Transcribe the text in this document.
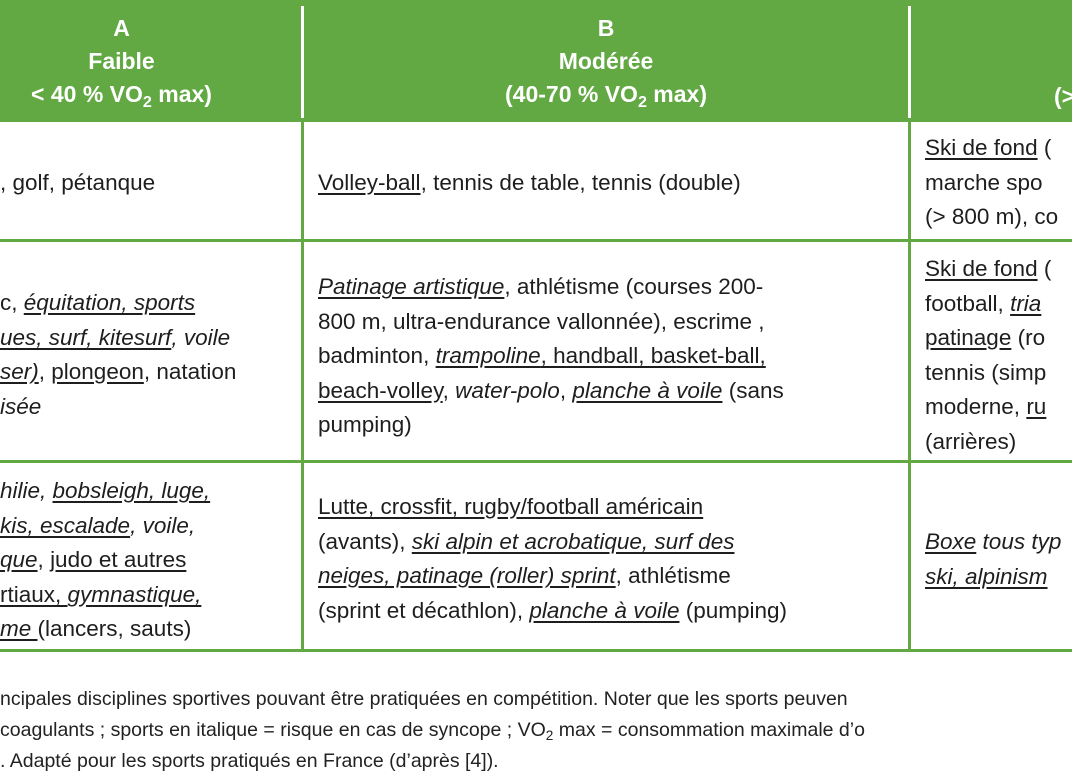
A
Faible
< 40 % $VO_2$ max)
B
Modérée
(40-70 % $VO_2$ max)	(>
, golf, pétanque	Volley-ball, tennis de table, tennis (double)
Ski de fond (
marche spo
(> 800 m), co
c, équitation, sports
ues, surf, kitesurf, voile
ser), plongeon, natation
isée
Patinage artistique, athlétisme (courses 200-
800 m, ultra-endurance vallonnée), escrime ,
badminton, trampoline, handball, basket-ball,
beach-volley, water-polo, planche à voile (sans
pumping)
Ski de fond (
football, tria
patinage (ro
tennis (simp
moderne, ru
(arrières)
hilie, bobsleigh, luge,
kis, escalade, voile,
que, judo et autres
rtiaux, gymnastique,
me (lancers, sauts)
Lutte, crossfit, rugby/football américain
(avants), ski alpin et acrobatique, surf des
neiges, patinage (roller) sprint, athlétisme
(sprint et décathlon), planche à voile (pumping)
Boxe tous typ
ski, alpinism
ncipales disciplines sportives pouvant être pratiquées en compétition. Noter que les sports peuven
coagulants ; sports en italique = risque en cas de syncope ; $VO_2$ max = consommation maximale d’o
. Adapté pour les sports pratiqués en France (d’après [4]).
